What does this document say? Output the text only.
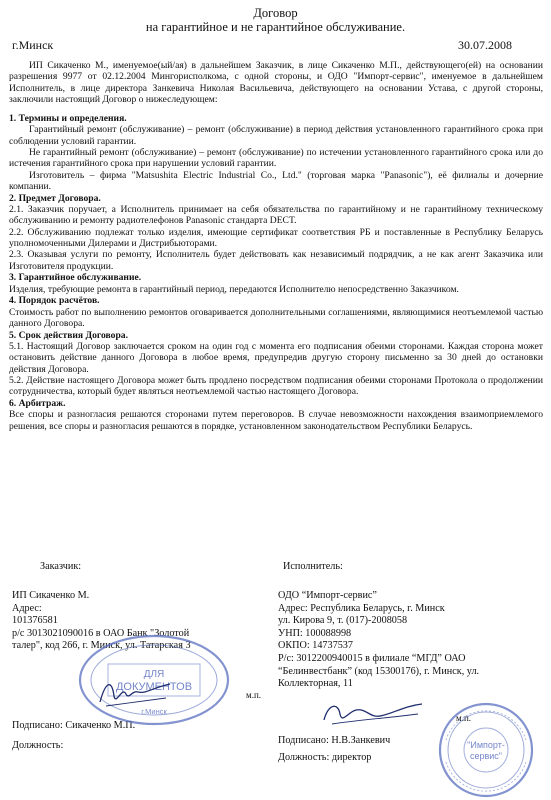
Договор
на гарантийное и не гарантийное обслуживание.
г.Минск	30.07.2008

ИП Сикаченко М., именуемое(ый/ая) в дальнейшем Заказчик, в лице Сикаченко М.П., действующего(ей) на основании разрешения 9977 от 02.12.2004 Мингорисполкома, с одной стороны, и ОДО "Импорт-сервис", именуемое в дальнейшем Исполнитель, в лице директора Занкевича Николая Васильевича, действующего на основании Устава, с другой стороны, заключили настоящий Договор о нижеследующем:

1. Термины и определения.

Гарантийный ремонт (обслуживание) – ремонт (обслуживание) в период действия установленного гарантийного срока при соблюдении условий гарантии.

Не гарантийный ремонт (обслуживание) – ремонт (обслуживание) по истечении установленного гарантийного срока или до истечения гарантийного срока при нарушении условий гарантии.

Изготовитель – фирма "Matsushita Electric Industrial Co., Ltd." (торговая марка "Panasonic"), её филиалы и дочерние компании.

2. Предмет Договора.

2.1. Заказчик поручает, а Исполнитель принимает на себя обязательства по гарантийному и не гарантийному техническому обслуживанию и ремонту радиотелефонов Panasonic стандарта DECT.

2.2. Обслуживанию подлежат только изделия, имеющие сертификат соответствия РБ и поставленные в Республику Беларусь уполномоченными Дилерами и Дистрибьюторами.

2.3. Оказывая услуги по ремонту, Исполнитель будет действовать как независимый подрядчик, а не как агент Заказчика или Изготовителя продукции.

3. Гарантийное обслуживание.

Изделия, требующие ремонта в гарантийный период, передаются Исполнителю непосредственно Заказчиком.

4. Порядок расчётов.

Стоимость работ по выполнению ремонтов оговаривается дополнительными соглашениями, являющимися неотъемлемой частью данного Договора.

5. Срок действия Договора.

5.1. Настоящий Договор заключается сроком на один год с момента его подписания обеими сторонами. Каждая сторона может остановить действие данного Договора в любое время, предупредив другую сторону письменно за 30 дней до остановки действия Договора.

5.2. Действие настоящего Договора может быть продлено посредством подписания обеими сторонами Протокола о продолжении сотрудничества, который будет являться неотъемлемой частью настоящего Договора.

6. Арбитраж.

Все споры и разногласия решаются сторонами путем переговоров. В случае невозможности нахождения взаимоприемлемого решения, все споры и разногласия решаются в порядке, установленном законодательством Республики Беларусь.

Заказчик:
ИП Сикаченко М.
Адрес:
101376581
р/с 3013021090016 в ОАО Банк "Золотой
талер", код 266, г. Минск, ул. Татарская 3
м.п.
Подписано: Сикаченко М.П.
Должность:
Исполнитель:
ОДО “Импорт-сервис”
Адрес: Республика Беларусь, г. Минск
ул. Кирова 9, т. (017)-2008058
УНП: 100088998
ОКПО: 14737537
Р/с: 3012200940015 в филиале “МГД” ОАО
“Белинвестбанк” (код 15300176), г. Минск, ул.
Коллекторная, 11
м.п.
Подписано: Н.В.Занкевич
Должность: директор
ДЛЯ
ДОКУМЕНТОВ
г.Минск
"Импорт-
сервис"
